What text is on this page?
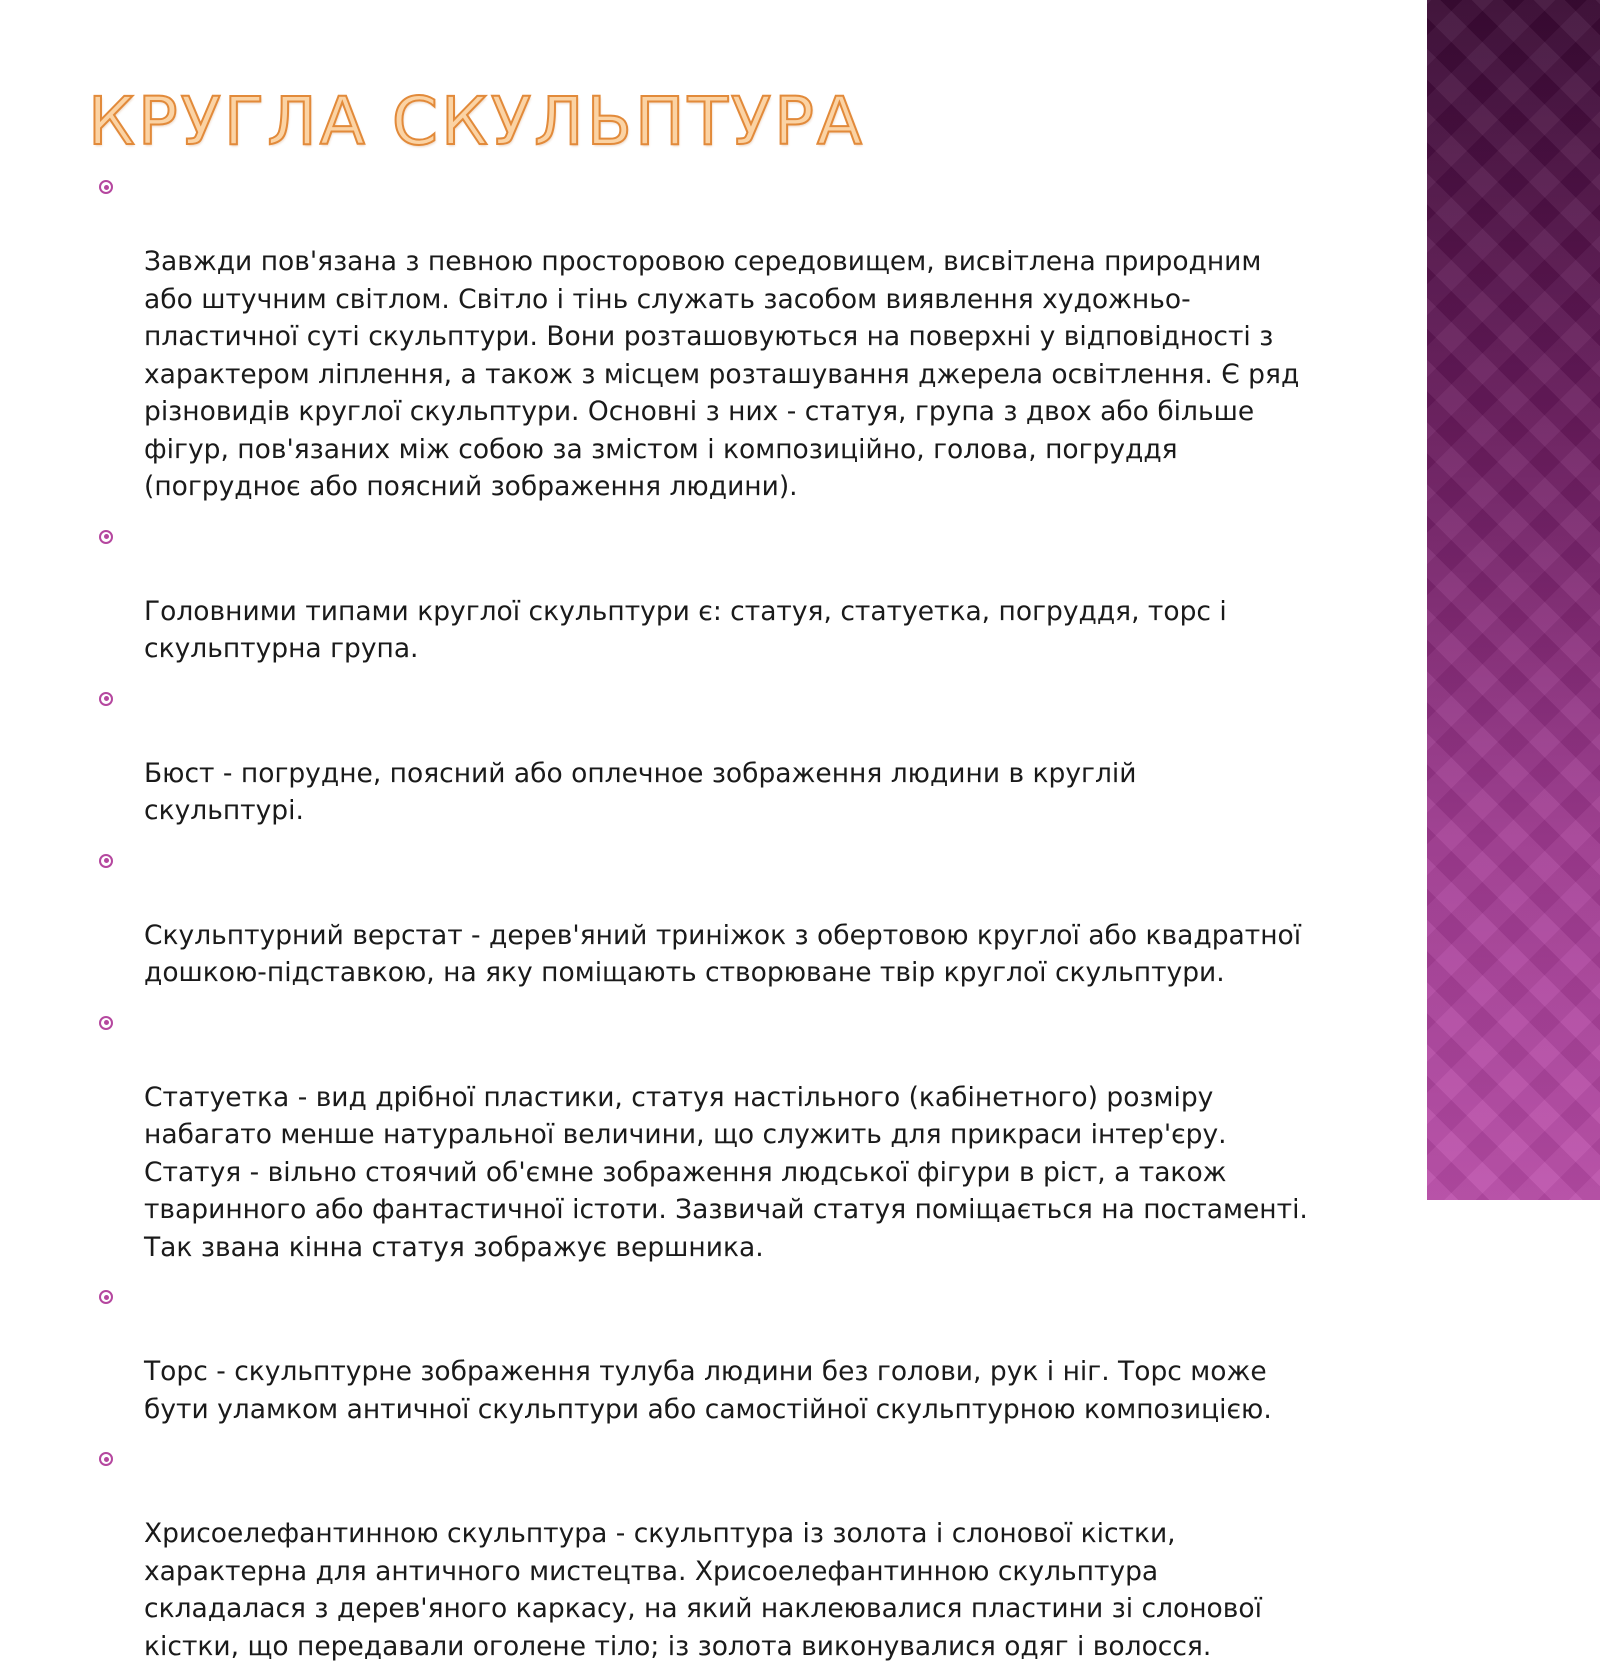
КРУГЛА СКУЛЬПТУРА

Завжди пов'язана з певною просторовою середовищем, висвітлена природним
або штучним світлом. Світло і тінь служать засобом виявлення художньо-
пластичної суті скульптури. Вони розташовуються на поверхні у відповідності з
характером ліплення, а також з місцем розташування джерела освітлення. Є ряд
різновидів круглої скульптури. Основні з них - статуя, група з двох або більше
фігур, пов'язаних між собою за змістом і композиційно, голова, погруддя
(погрудноє або поясний зображення людини).

Головними типами круглої скульптури є: статуя, статуетка, погруддя, торс і
скульптурна група.

Бюст - погрудне, поясний або оплечное зображення людини в круглій
скульптурі.

Скульптурний верстат - дерев'яний триніжок з обертовою круглої або квадратної
дошкою-підставкою, на яку поміщають створюване твір круглої скульптури.

Статуетка - вид дрібної пластики, статуя настільного (кабінетного) розміру
набагато менше натуральної величини, що служить для прикраси інтер'єру.
Статуя - вільно стоячий об'ємне зображення людської фігури в ріст, а також
тваринного або фантастичної істоти. Зазвичай статуя поміщається на постаменті.
Так звана кінна статуя зображує вершника.

Торс - скульптурне зображення тулуба людини без голови, рук і ніг. Торс може
бути уламком античної скульптури або самостійної скульптурною композицією.

Хрисоелефантинною скульптура - скульптура із золота і слонової кістки,
характерна для античного мистецтва. Хрисоелефантинною скульптура
складалася з дерев'яного каркасу, на який наклеювалися пластини зі слонової
кістки, що передавали оголене тіло; із золота виконувалися одяг і волосся.
